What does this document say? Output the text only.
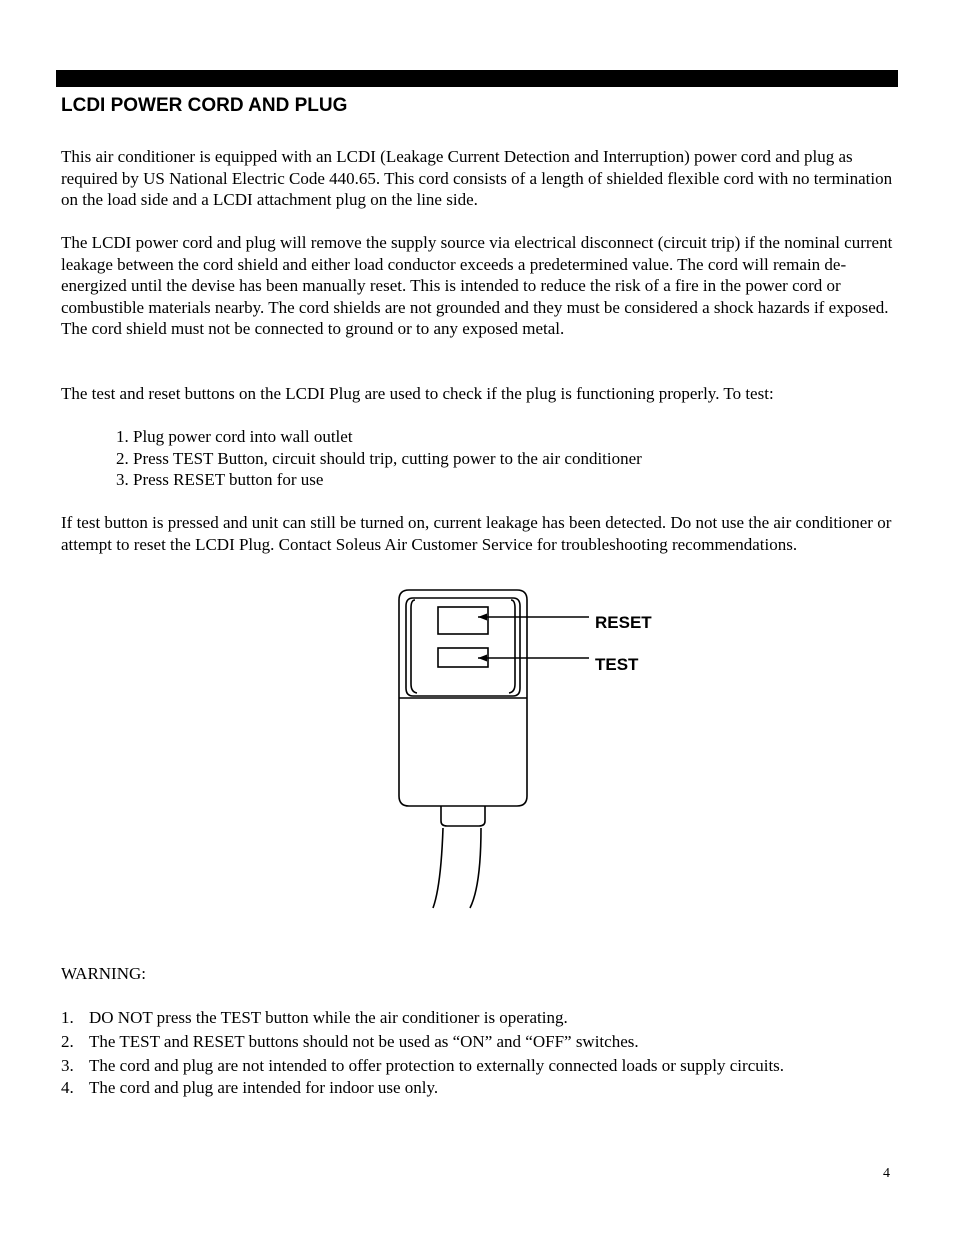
LCDI POWER CORD AND PLUG

This air conditioner is equipped with an LCDI (Leakage Current Detection and Interruption) power cord and plug as required by US National Electric Code 440.65. This cord consists of a length of shielded flexible cord with no termination on the load side and a LCDI attachment plug on the line side.

The LCDI power cord and plug will remove the supply source via electrical disconnect (circuit trip) if the nominal current leakage between the cord shield and either load conductor exceeds a predetermined value. The cord will remain de-energized until the devise has been manually reset. This is intended to reduce the risk of a fire in the power cord or combustible materials nearby. The cord shields are not grounded and they must be considered a shock hazards if exposed. The cord shield must not be connected to ground or to any exposed metal.

The test and reset buttons on the LCDI Plug are used to check if the plug is functioning properly. To test:

1. Plug power cord into wall outlet
2. Press TEST Button, circuit should trip, cutting power to the air conditioner
3. Press RESET button for use

If test button is pressed and unit can still be turned on, current leakage has been detected. Do not use the air conditioner or attempt to reset the LCDI Plug. Contact Soleus Air Customer Service for troubleshooting recommendations.

RESET
TEST

WARNING:

1. DO NOT press the TEST button while the air conditioner is operating.
2. The TEST and RESET buttons should not be used as “ON” and “OFF” switches.
3. The cord and plug are not intended to offer protection to externally connected loads or supply circuits.
4. The cord and plug are intended for indoor use only.
4
